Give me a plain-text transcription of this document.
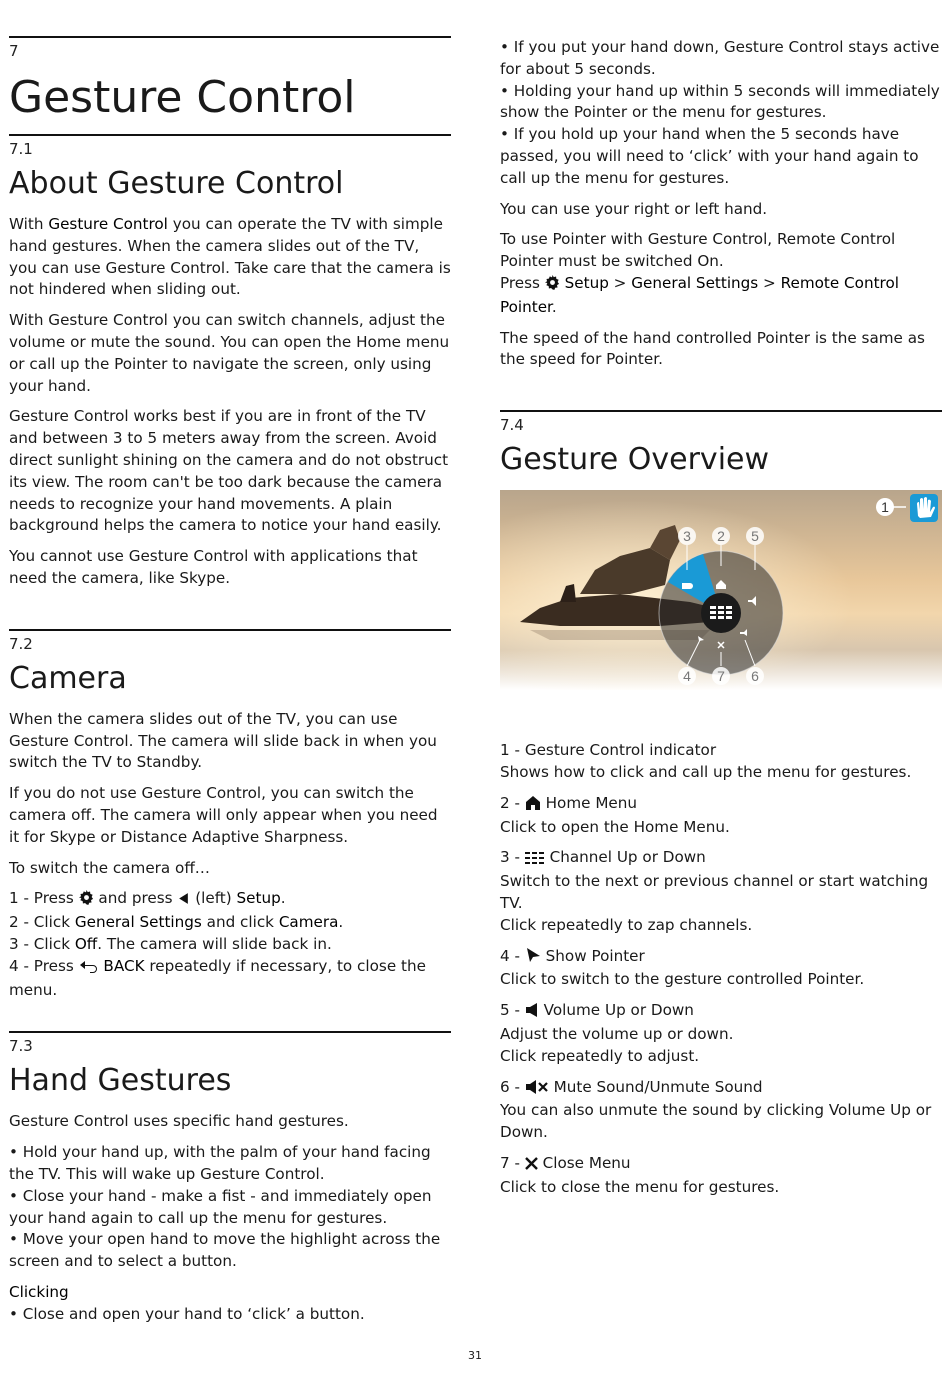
7
Gesture Control
7.1
About Gesture Control

With Gesture Control you can operate the TV with simple hand gestures. When the camera slides out of the TV, you can use Gesture Control. Take care that the camera is not hindered when sliding out.

With Gesture Control you can switch channels, adjust the volume or mute the sound. You can open the Home menu or call up the Pointer to navigate the screen, only using your hand.

Gesture Control works best if you are in front of the TV and between 3 to 5 meters away from the screen. Avoid direct sunlight shining on the camera and do not obstruct its view. The room can't be too dark because the camera needs to recognize your hand movements. A plain background helps the camera to notice your hand easily.

You cannot use Gesture Control with applications that need the camera, like Skype.

7.2
Camera

When the camera slides out of the TV, you can use Gesture Control. The camera will slide back in when you switch the TV to Standby.

If you do not use Gesture Control, you can switch the camera off. The camera will only appear when you need it for Skype or Distance Adaptive Sharpness.

To switch the camera off…

1 - Press  and press  (left) Setup.

2 - Click General Settings and click Camera.

3 - Click Off. The camera will slide back in.

4 - Press  BACK repeatedly if necessary, to close the menu.

7.3
Hand Gestures

Gesture Control uses specific hand gestures.

• Hold your hand up, with the palm of your hand facing the TV. This will wake up Gesture Control.

• Close your hand - make a fist - and immediately open your hand again to call up the menu for gestures.

• Move your open hand to move the highlight across the screen and to select a button.

Clicking

• Close and open your hand to ‘click’ a button.

• If you put your hand down, Gesture Control stays active for about 5 seconds.

• Holding your hand up within 5 seconds will immediately show the Pointer or the menu for gestures.

• If you hold up your hand when the 5 seconds have passed, you will need to ‘click’ with your hand again to call up the menu for gestures.

You can use your right or left hand.

To use Pointer with Gesture Control, Remote Control Pointer must be switched On.

Press  Setup > General Settings > Remote Control Pointer.

The speed of the hand controlled Pointer is the same as the speed for Pointer.

7.4
Gesture Overview
1
3 2 5
4 7 6
1 - Gesture Control indicator
Shows how to click and call up the menu for gestures.
2 -  Home Menu
Click to open the Home Menu.
3 -  Channel Up or Down
Switch to the next or previous channel or start watching TV.
Click repeatedly to zap channels.
4 -  Show Pointer
Click to switch to the gesture controlled Pointer.
5 -  Volume Up or Down
Adjust the volume up or down.
Click repeatedly to adjust.
6 -  Mute Sound/Unmute Sound
You can also unmute the sound by clicking Volume Up or Down.
7 -  Close Menu
Click to close the menu for gestures.
31
